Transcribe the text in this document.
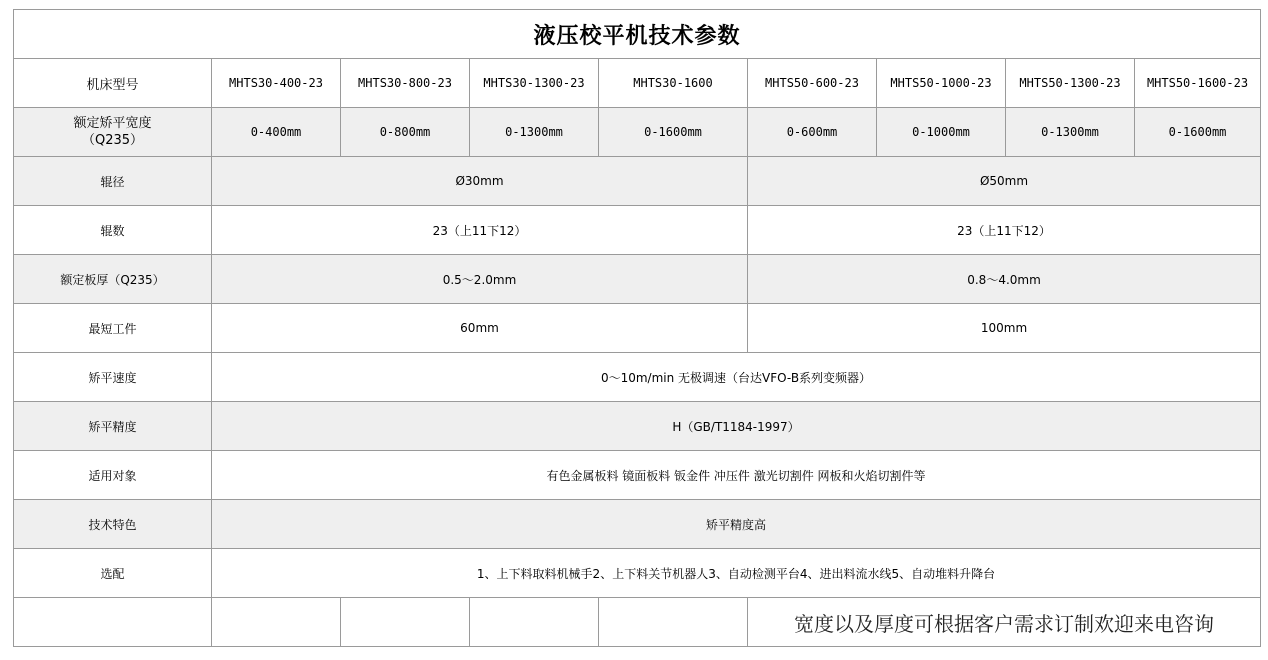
液压校平机技术参数								
机床型号	MHTS30-400-23	MHTS30-800-23	MHTS30-1300-23	MHTS30-1600	MHTS50-600-23	MHTS50-1000-23	MHTS50-1300-23	MHTS50-1600-23
额定矫平宽度
（Q235）	0-400mm	0-800mm	0-1300mm	0-1600mm	0-600mm	0-1000mm	0-1300mm	0-1600mm
辊径	Ø30mm				Ø50mm			
辊数	23（上11下12）				23（上11下12）			
额定板厚（Q235）	0.5～2.0mm				0.8～4.0mm			
最短工件	60mm				100mm			
矫平速度	0～10m/min 无极调速（台达VFO-B系列变频器）							
矫平精度	H（GB/T1184-1997）							
适用对象	有色金属板料 镜面板料 钣金件 冲压件 激光切割件 网板和火焰切割件等							
技术特色	矫平精度高							
选配	1、上下料取料机械手2、上下料关节机器人3、自动检测平台4、进出料流水线5、自动堆料升降台							
					宽度以及厚度可根据客户需求订制欢迎来电咨询			
